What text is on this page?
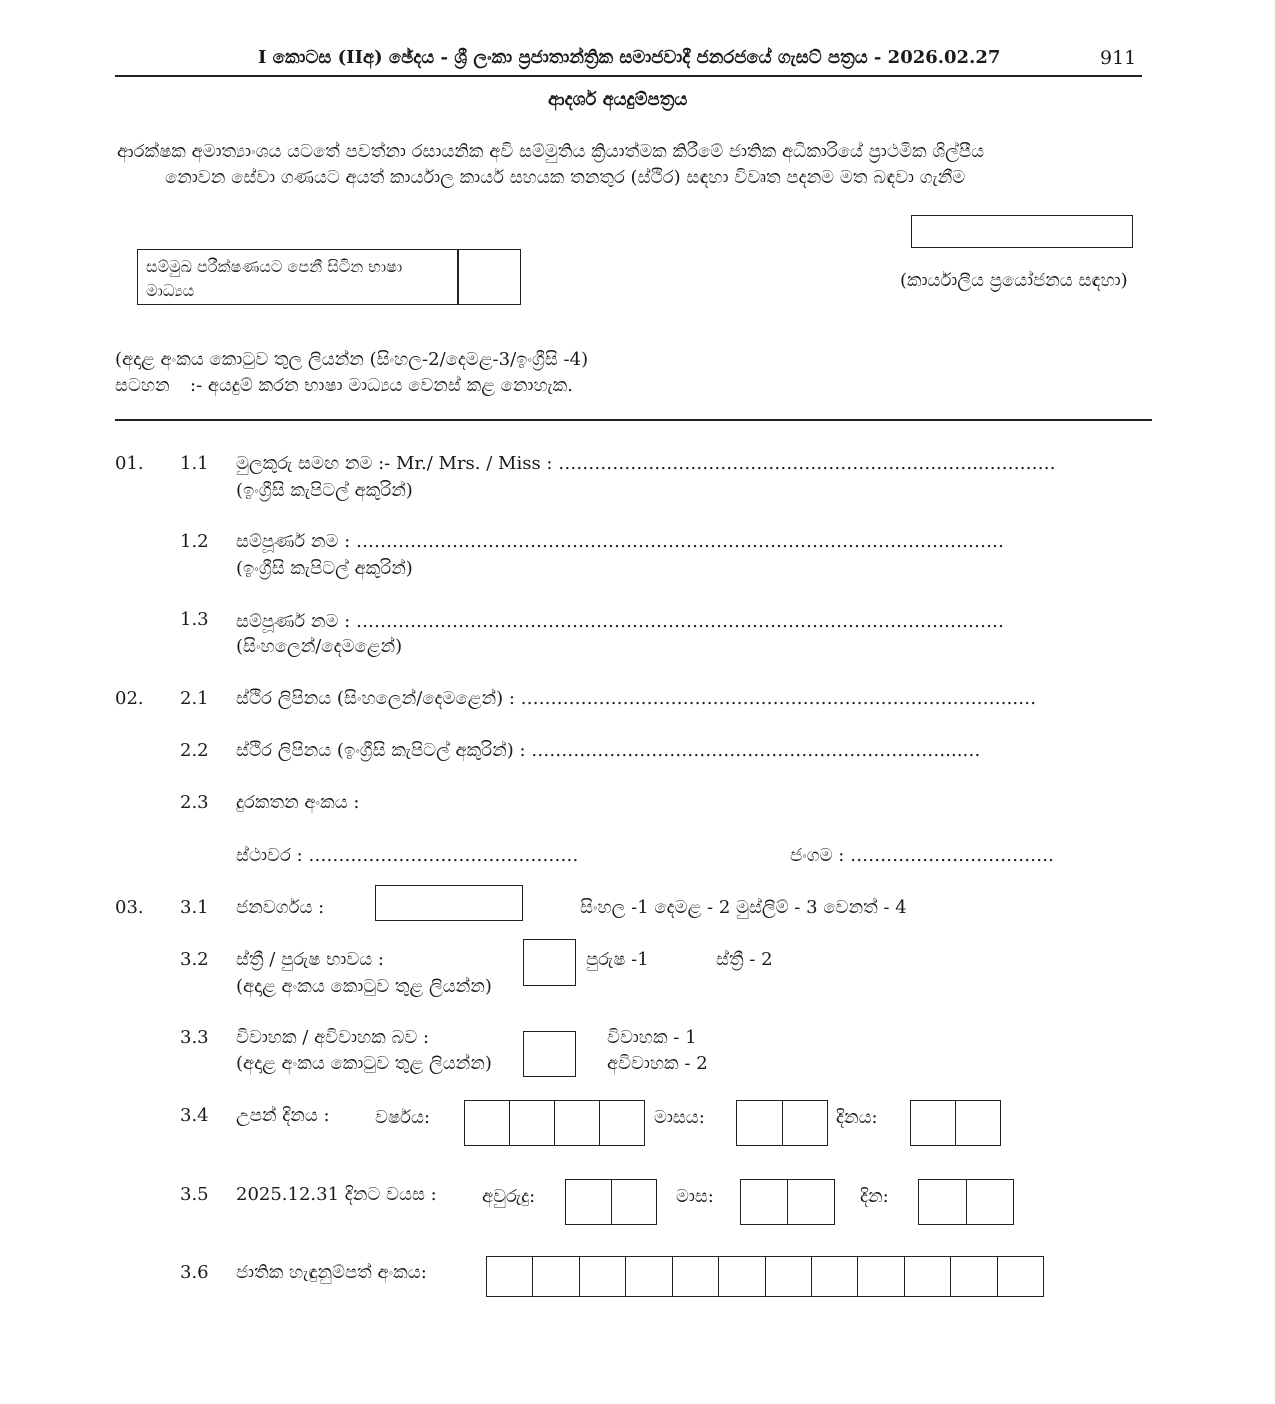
I කොටස (IIඅ) ඡේදය - ශ්‍රී ලංකා ප්‍රජාතාන්ත්‍රික සමාජවාදී ජනරජයේ ගැසට් පත්‍රය - 2026.02.27	911
ආදර්ශ අයදුම්පත්‍රය
ආරක්ෂක අමාත්‍යාංශය යටතේ පවත්නා රසායනික අවි සම්මුතිය ක්‍රියාත්මක කිරීමේ ජාතික අධිකාරියේ ප්‍රාථමික ශිල්පීය
නොවන සේවා ගණයට අයත් කාර්යාල කාර්ය සහයක තනතුර (ස්ථිර) සඳහා විවෘත පදනම මත බඳවා ගැනීම
(කාර්යාලීය ප්‍රයෝජනය සඳහා)
සම්මුඛ පරීක්ෂණයට පෙනී සිටින භාෂා
මාධ්‍යය
(අදාළ අංකය කොටුව තුල ලියන්න (සිංහල-2/දෙමළ-3/ඉංග්‍රීසි -4)
සටහන :- අයදුම් කරන භාෂා මාධ්‍යය වෙනස් කළ නොහැක.
01. 1.1 මුලකුරු සමඟ නම :- Mr./ Mrs. / Miss : ……………………………………………………………..…………
(ඉංග්‍රීසි කැපිටල් අකුරින්)
1.2 සම්පූර්ණ නම : ………………………………………………………………………………………………
(ඉංග්‍රීසි කැපිටල් අකුරින්)
1.3 සම්පූර්ණ නම : ………………………………………………………………………………………………
(සිංහලෙන්/දෙමළෙන්)
02. 2.1 ස්ථිර ලිපිනය (සිංහලෙන්/දෙමළෙන්) : ………………………………………………………………………..…
2.2 ස්ථිර ලිපිනය (ඉංග්‍රීසි කැපිටල් අකුරින්) : ……………………………………………………………...…
2.3 දුරකතන අංකය :
ස්ථාවර : ………………………………………	ජංගම : …………………………….
03. 3.1 ජනවර්ගය :	සිංහල -1 දෙමළ - 2 මුස්ලිම් - 3 වෙනත් - 4
3.2 ස්ත්‍රී / පුරුෂ භාවය :
(අදාළ අංකය කොටුව තුළ ලියන්න)
පුරුෂ -1	ස්ත්‍රී - 2
3.3 විවාහක / අවිවාහක බව :
(අදාළ අංකය කොටුව තුළ ලියන්න)
විවාහක - 1
අවිවාහක - 2
3.4 උපන් දිනය :	වර්ෂය:	මාසය:	දිනය:
3.5 2025.12.31 දිනට වයස :	අවුරුදු:	මාස:	දින:
3.6 ජාතික හැඳුනුම්පත් අංකය:
